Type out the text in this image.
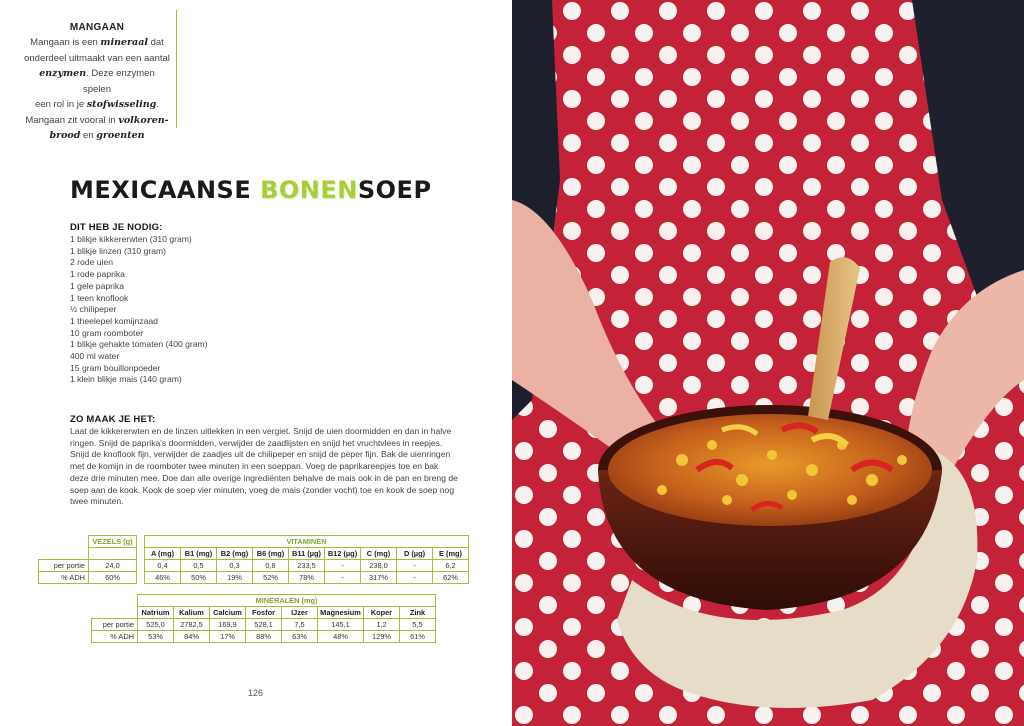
MANGAAN
Mangaan is een mineraal dat
onderdeel uitmaakt van een aantal
enzymen. Deze enzymen spelen
een rol in je stofwisseling.
Mangaan zit vooral in volkoren-
brood en groenten
MEXICAANSE BONENSOEP
DIT HEB JE NODIG:
1 blikje kikkererwten (310 gram)
1 blikje linzen (310 gram)
2 rode uien
1 rode paprika
1 gele paprika
1 teen knoflook
½ chilipeper
1 theelepel komijnzaad
10 gram roomboter
1 blikje gehakte tomaten (400 gram)
400 ml water
15 gram bouillonpoeder
1 klein blikje mais (140 gram)
ZO MAAK JE HET:
Laat de kikkererwten en de linzen uitlekken in een vergiet. Snijd de uien doormidden en dan in halve
ringen. Snijd de paprika's doormidden, verwijder de zaadlijsten en snijd het vruchtvlees in reepjes.
Snijd de knoflook fijn, verwijder de zaadjes uit de chilipeper en snijd de peper fijn. Bak de uienringen
met de komijn in de roomboter twee minuten in een soeppan. Voeg de paprikareepjes toe en bak
deze drie minuten mee. Doe dan alle overige ingrediënten behalve de mais ook in de pan en breng de
soep aan de kook. Kook de soep vier minuten, voeg de mais (zonder vocht) toe en kook de soep nog
twee minuten.
	VEZELS (g)		VITAMINEN								
			A (mg)	B1 (mg)	B2 (mg)	B6 (mg)	B11 (µg)	B12 (µg)	C (mg)	D (µg)	E (mg)
per portie	24,0		0,4	0,5	0,3	0,8	233,5	-	238,0	-	6,2
% ADH	60%		46%	50%	19%	52%	78%	-	317%	-	62%
	MINERALEN (mg)							
	Natrium	Kalium	Calcium	Fosfor	IJzer	Magnesium	Koper	Zink
per portie	525,0	2782,5	169,9	528,1	7,5	145,1	1,2	5,5
% ADH	53%	84%	17%	88%	63%	48%	129%	61%
126
